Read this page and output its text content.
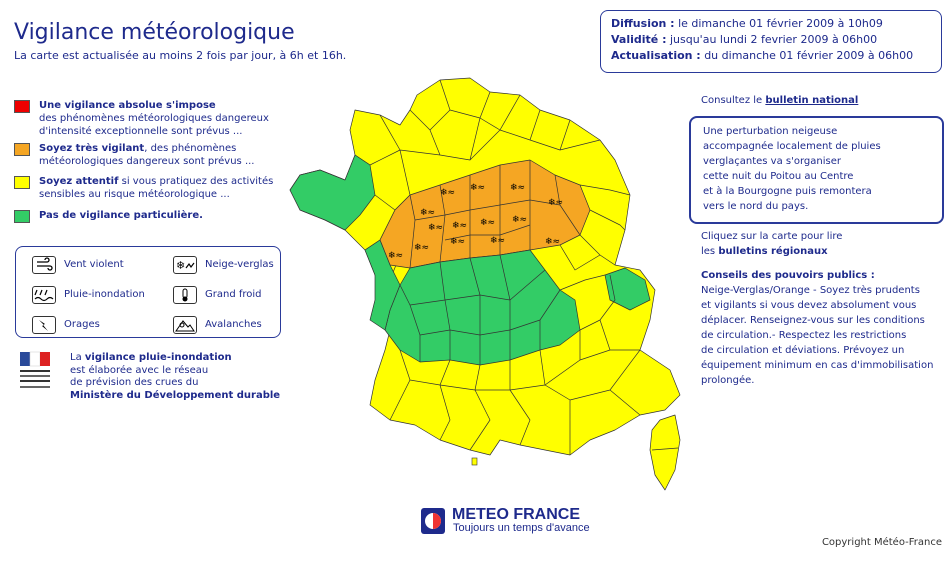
Vigilance météorologique
La carte est actualisée au moins 2 fois par jour, à 6h et 16h.
Une vigilance absolue s'impose
des phénomènes météorologiques dangereux d'intensité exceptionnelle sont prévus ...
Soyez très vigilant, des phénomènes météorologiques dangereux sont prévus ...
Soyez attentif si vous pratiquez des activités sensibles au risque météorologique ...
Pas de vigilance particulière.
Vent violent	❄ Neige-verglas
Pluie-inondation	Grand froid
Orages	Avalanches
La vigilance pluie-inondation
est élaborée avec le réseau
de prévision des crues du
Ministère du Développement durable
❄≈
❄≈ ❄≈	❄≈
❄≈
❄≈ ❄≈ ❄≈
❄≈
❄≈
❄≈	❄≈	❄≈
❄≈
Diffusion : le dimanche 01 février 2009 à 10h09
Validité : jusqu'au lundi 2 fevrier 2009 à 06h00
Actualisation : du dimanche 01 février 2009 à 06h00
Consultez le bulletin national
Une perturbation neigeuse
accompagnée localement de pluies
verglaçantes va s'organiser
cette nuit du Poitou au Centre
et à la Bourgogne puis remontera
vers le nord du pays.
Cliquez sur la carte pour lire
les bulletins régionaux
Conseils des pouvoirs publics :
Neige-Verglas/Orange - Soyez très prudents
et vigilants si vous devez absolument vous
déplacer. Renseignez-vous sur les conditions
de circulation.- Respectez les restrictions
de circulation et déviations. Prévoyez un
équipement minimum en cas d'immobilisation
prolongée.
METEO FRANCE
Toujours un temps d'avance
Copyright Météo-France
